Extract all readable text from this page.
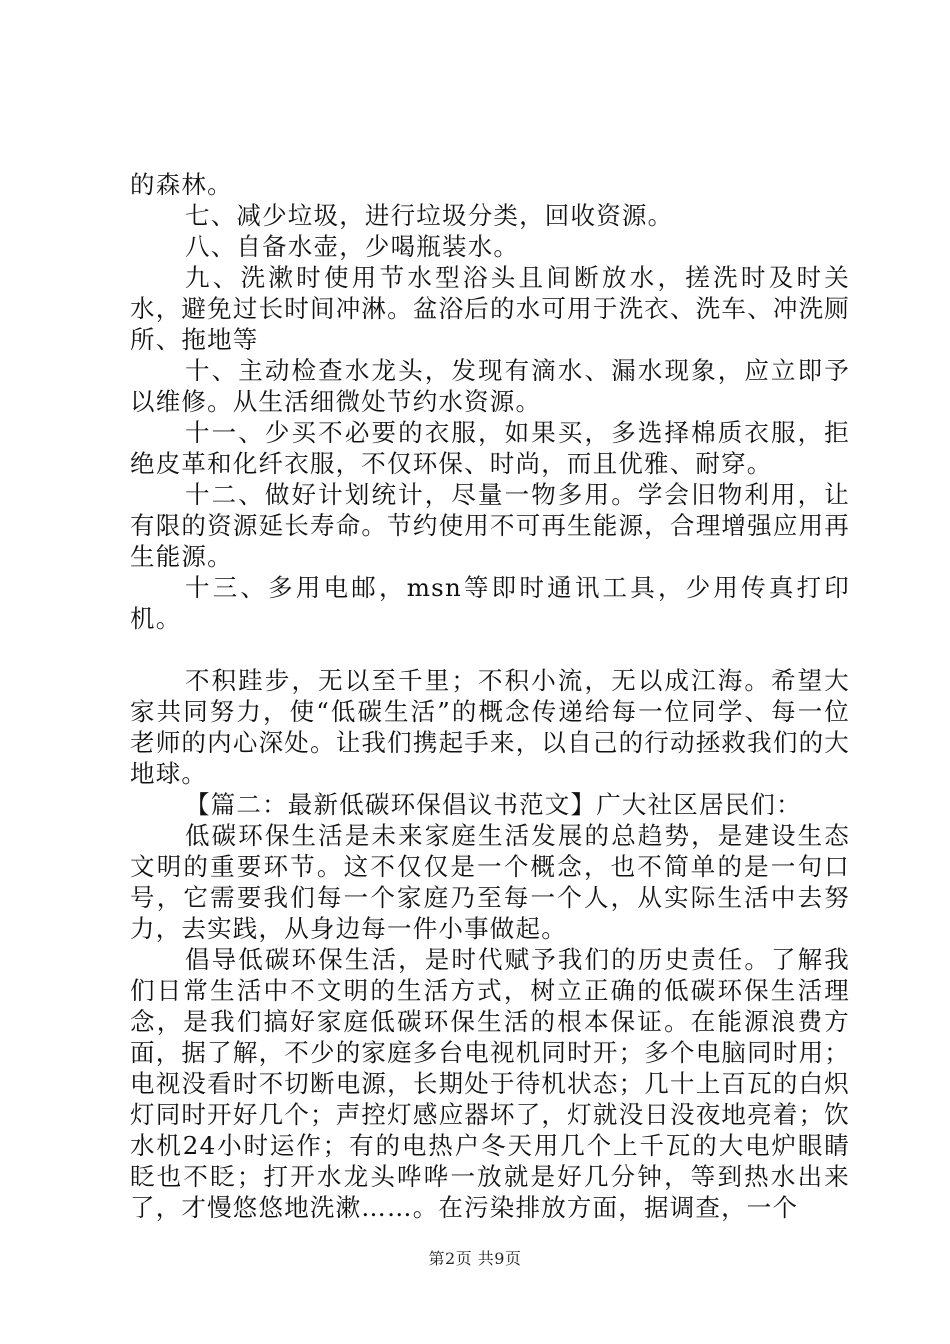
的森林。

七、减少垃圾，进行垃圾分类，回收资源。

八、自备水壶，少喝瓶装水。

九、洗漱时使用节水型浴头且间断放水，搓洗时及时关水，避免过长时间冲淋。盆浴后的水可用于洗衣、洗车、冲洗厕所、拖地等

十、主动检查水龙头，发现有滴水、漏水现象，应立即予以维修。从生活细微处节约水资源。

十一、少买不必要的衣服，如果买，多选择棉质衣服，拒绝皮革和化纤衣服，不仅环保、时尚，而且优雅、耐穿。

十二、做好计划统计，尽量一物多用。学会旧物利用，让有限的资源延长寿命。节约使用不可再生能源，合理增强应用再生能源。

十三、多用电邮，msn等即时通讯工具，少用传真打印机。

不积跬步，无以至千里；不积小流，无以成江海。希望大家共同努力，使“低碳生活”的概念传递给每一位同学、每一位老师的内心深处。让我们携起手来，以自己的行动拯救我们的大地球。

【篇二：最新低碳环保倡议书范文】广大社区居民们：

低碳环保生活是未来家庭生活发展的总趋势，是建设生态文明的重要环节。这不仅仅是一个概念，也不简单的是一句口号，它需要我们每一个家庭乃至每一个人，从实际生活中去努力，去实践，从身边每一件小事做起。

倡导低碳环保生活，是时代赋予我们的历史责任。了解我们日常生活中不文明的生活方式，树立正确的低碳环保生活理念，是我们搞好家庭低碳环保生活的根本保证。在能源浪费方面，据了解，不少的家庭多台电视机同时开；多个电脑同时用；电视没看时不切断电源，长期处于待机状态；几十上百瓦的白炽灯同时开好几个；声控灯感应器坏了，灯就没日没夜地亮着；饮水机24小时运作；有的电热户冬天用几个上千瓦的大电炉眼睛眨也不眨；打开水龙头哗哗一放就是好几分钟，等到热水出来了，才慢悠悠地洗漱……。在污染排放方面，据调查，一个

第2页 共9页
